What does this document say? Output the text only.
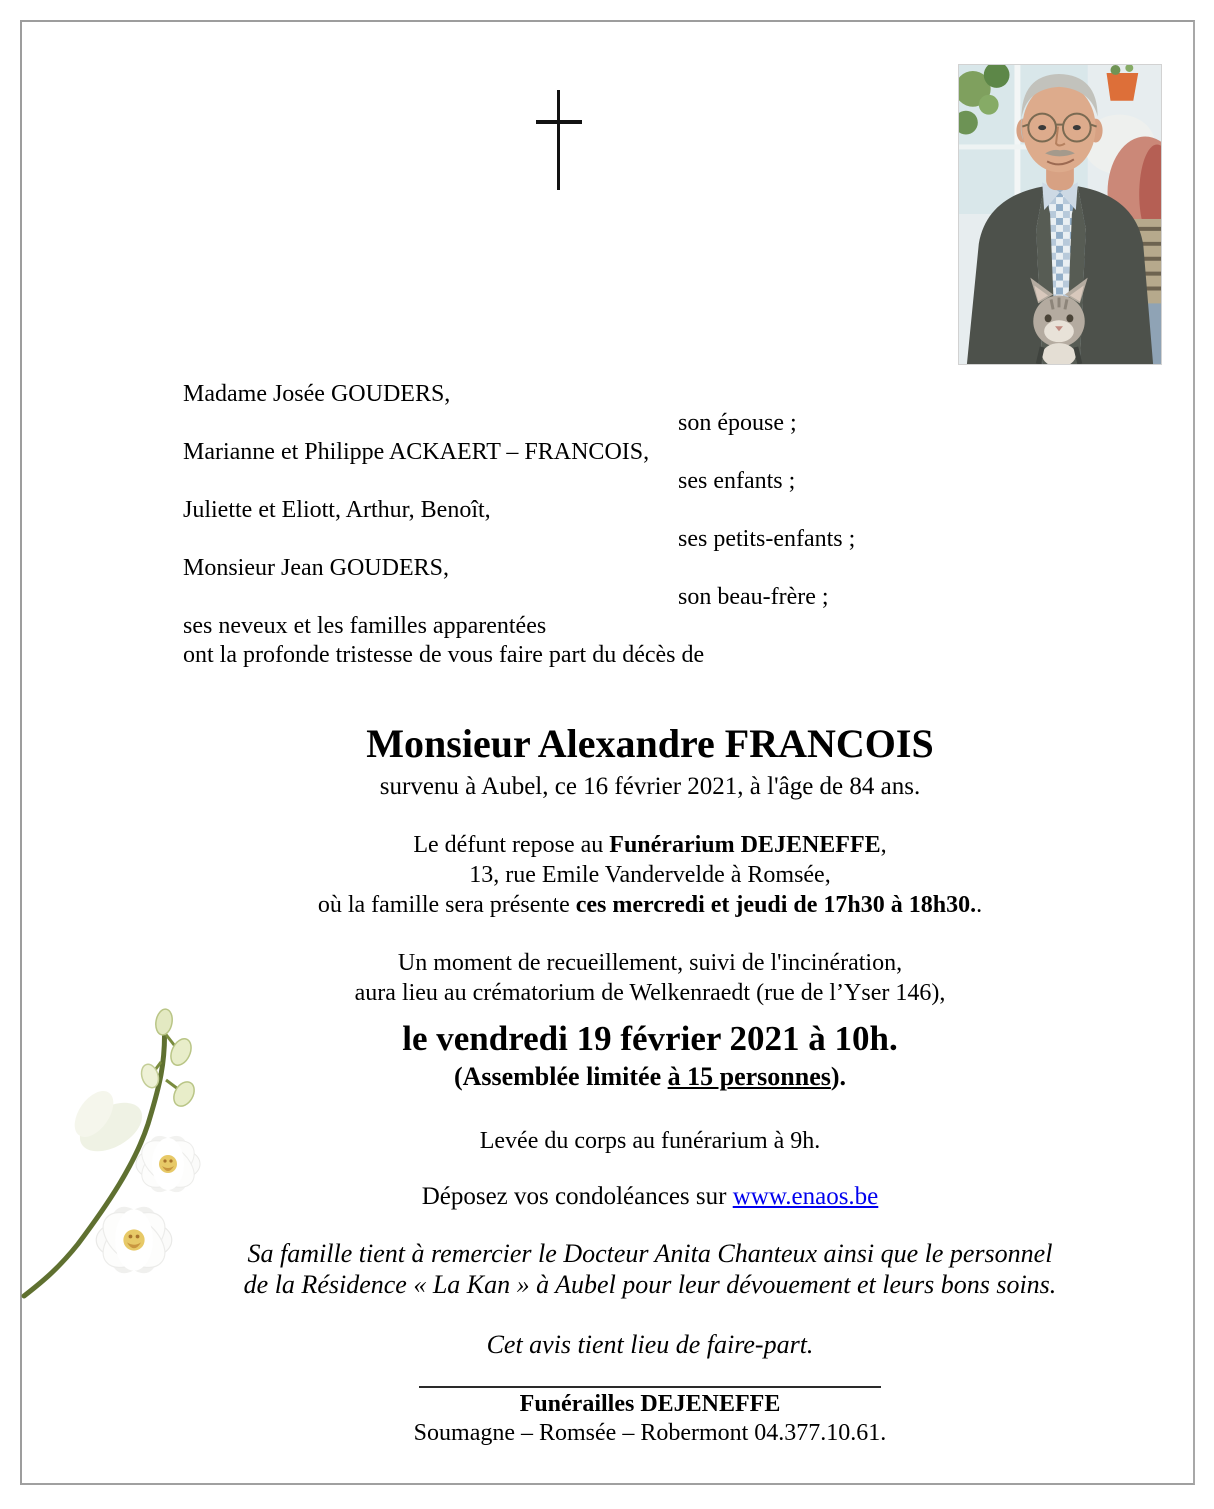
Madame Josée GOUDERS,
son épouse ;
Marianne et Philippe ACKAERT – FRANCOIS,
ses enfants ;
Juliette et Eliott, Arthur, Benoît,
ses petits-enfants ;
Monsieur Jean GOUDERS,
son beau-frère ;
ses neveux et les familles apparentées
ont la profonde tristesse de vous faire part du décès de
Monsieur Alexandre FRANCOIS
survenu à Aubel, ce 16 février 2021, à l'âge de 84 ans.
Le défunt repose au Funérarium DEJENEFFE,
13, rue Emile Vandervelde à Romsée,
où la famille sera présente ces mercredi et jeudi de 17h30 à 18h30..
Un moment de recueillement, suivi de l'incinération,
aura lieu au crématorium de Welkenraedt (rue de l’Yser 146),
le vendredi 19 février 2021 à 10h.
(Assemblée limitée à 15 personnes).
Levée du corps au funérarium à 9h.
Déposez vos condoléances sur www.enaos.be
Sa famille tient à remercier le Docteur Anita Chanteux ainsi que le personnel
de la Résidence « La Kan » à Aubel pour leur dévouement et leurs bons soins.
Cet avis tient lieu de faire-part.
Funérailles DEJENEFFE
Soumagne – Romsée – Robermont 04.377.10.61.
